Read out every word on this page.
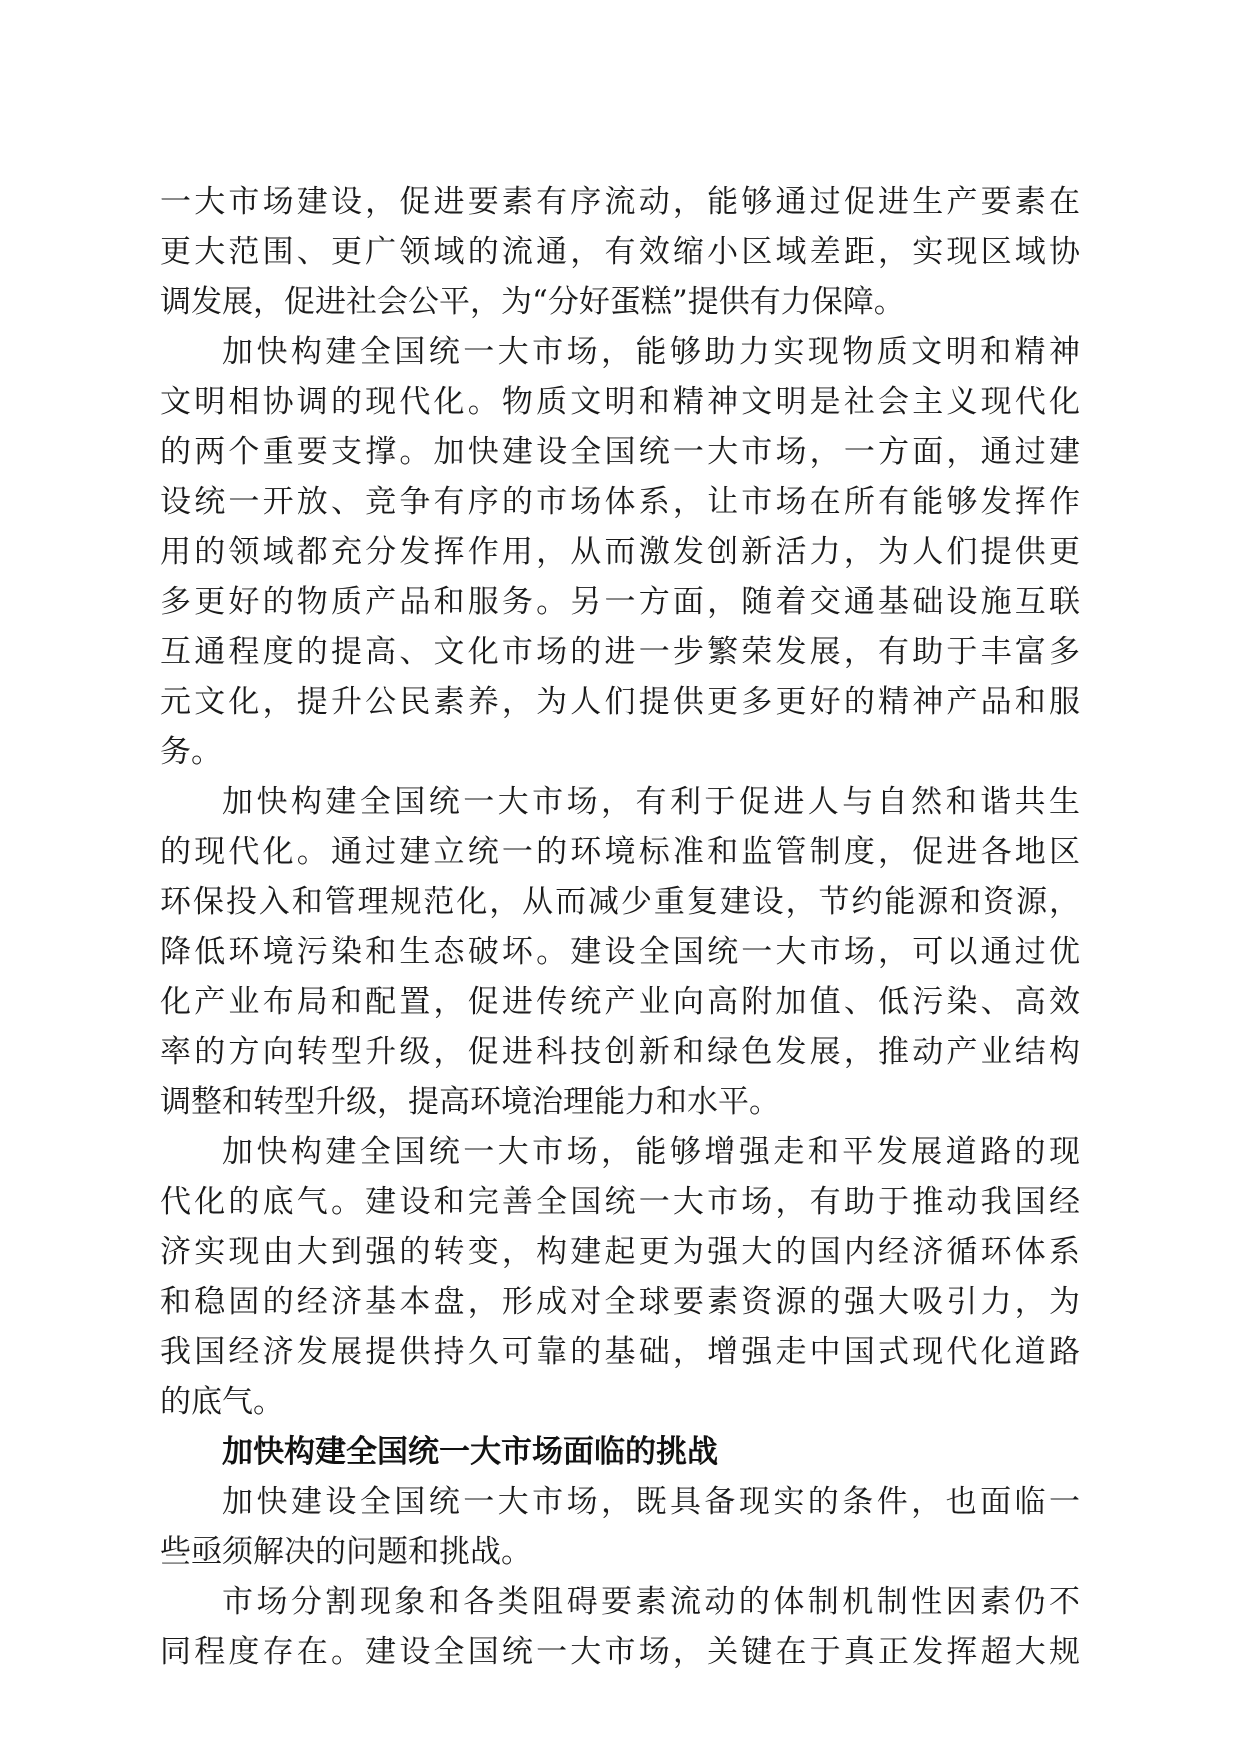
一大市场建设，促进要素有序流动，能够通过促进生产要素在

更大范围、更广领域的流通，有效缩小区域差距，实现区域协

调发展，促进社会公平，为“分好蛋糕”提供有力保障。

加快构建全国统一大市场，能够助力实现物质文明和精神

文明相协调的现代化。物质文明和精神文明是社会主义现代化

的两个重要支撑。加快建设全国统一大市场，一方面，通过建

设统一开放、竞争有序的市场体系，让市场在所有能够发挥作

用的领域都充分发挥作用，从而激发创新活力，为人们提供更

多更好的物质产品和服务。另一方面，随着交通基础设施互联

互通程度的提高、文化市场的进一步繁荣发展，有助于丰富多

元文化，提升公民素养，为人们提供更多更好的精神产品和服

务。

加快构建全国统一大市场，有利于促进人与自然和谐共生

的现代化。通过建立统一的环境标准和监管制度，促进各地区

环保投入和管理规范化，从而减少重复建设，节约能源和资源，

降低环境污染和生态破坏。建设全国统一大市场，可以通过优

化产业布局和配置，促进传统产业向高附加值、低污染、高效

率的方向转型升级，促进科技创新和绿色发展，推动产业结构

调整和转型升级，提高环境治理能力和水平。

加快构建全国统一大市场，能够增强走和平发展道路的现

代化的底气。建设和完善全国统一大市场，有助于推动我国经

济实现由大到强的转变，构建起更为强大的国内经济循环体系

和稳固的经济基本盘，形成对全球要素资源的强大吸引力，为

我国经济发展提供持久可靠的基础，增强走中国式现代化道路

的底气。

加快构建全国统一大市场面临的挑战

加快建设全国统一大市场，既具备现实的条件，也面临一

些亟须解决的问题和挑战。

市场分割现象和各类阻碍要素流动的体制机制性因素仍不

同程度存在。建设全国统一大市场，关键在于真正发挥超大规
